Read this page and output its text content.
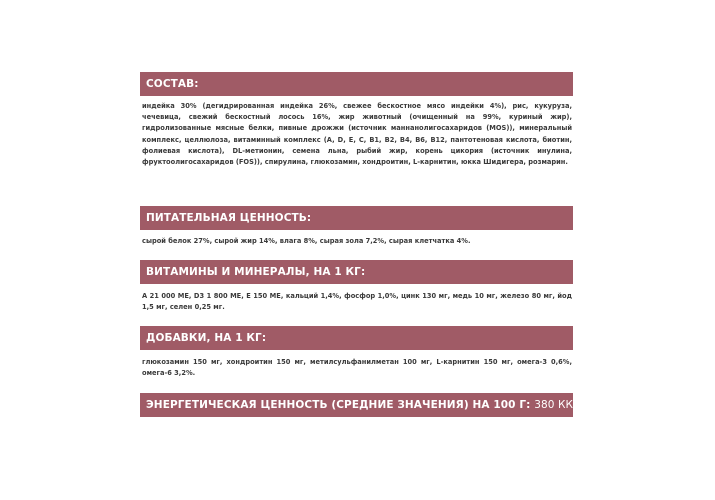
СОСТАВ:
индейка 30% (дегидрированная индейка 26%, свежее бескостное мясо индейки 4%), рис, кукуруза, чечевица, свежий бескостный лосось 16%, жир животный (очищенный на 99%, куриный жир), гидролизованные мясные белки, пивные дрожжи (источник маннанолигосахаридов (MOS)), минеральный комплекс, целлюлоза, витаминный комплекс (A, D, E, C, B1, B2, B4, B6, B12, пантотеновая кислота, биотин, фолиевая кислота), DL-метионин, семена льна, рыбий жир, корень цикория (источник инулина, фруктоолигосахаридов (FOS)), спирулина, глюкозамин, хондроитин, L-карнитин, юкка Шидигера, розмарин.
ПИТАТЕЛЬНАЯ ЦЕННОСТЬ:
сырой белок 27%, сырой жир 14%, влага 8%, сырая зола 7,2%, сырая клетчатка 4%.
ВИТАМИНЫ И МИНЕРАЛЫ, НА 1 КГ:
A 21 000 ME, D3 1 800 ME, E 150 ME, кальций 1,4%, фосфор 1,0%, цинк 130 мг, медь 10 мг, железо 80 мг, йод 1,5 мг, селен 0,25 мг.
ДОБАВКИ, НА 1 КГ:
глюкозамин 150 мг, хондроитин 150 мг, метилсульфанилметан 100 мг, L-карнитин 150 мг, омега-3 0,6%, омега-6 3,2%.
ЭНЕРГЕТИЧЕСКАЯ ЦЕННОСТЬ (СРЕДНИЕ ЗНАЧЕНИЯ) НА 100 Г: 380 ККАЛ.
